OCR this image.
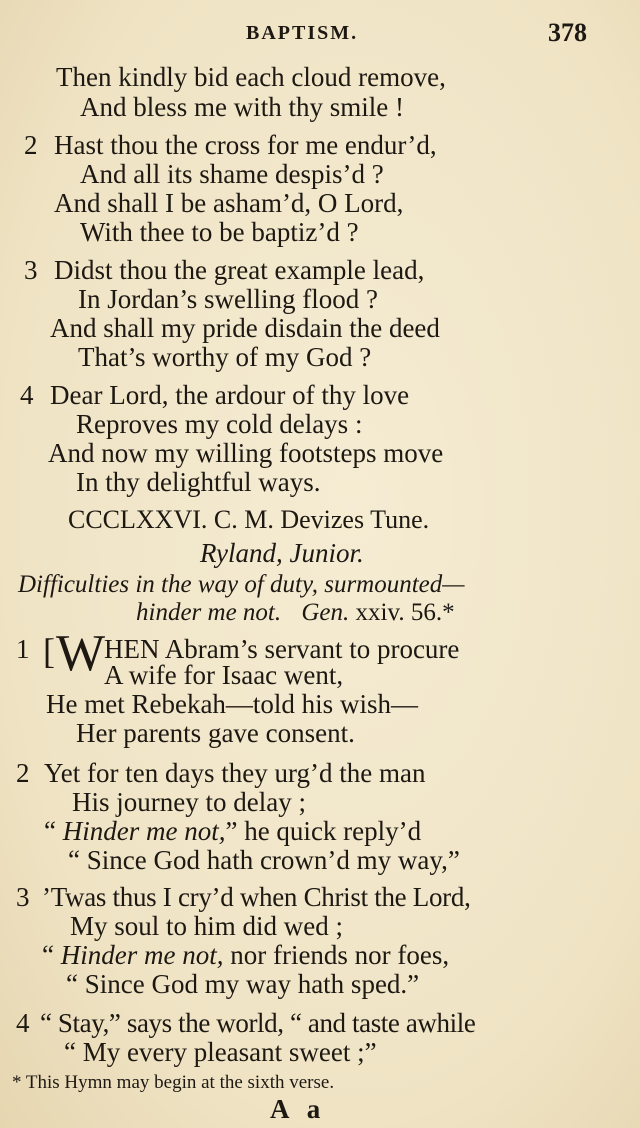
BAPTISM.	378
Then kindly bid each cloud remove,
And bless me with thy smile !
2 Hast thou the cross for me endur’d,
And all its shame despis’d ?
And shall I be asham’d, O Lord,
With thee to be baptiz’d ?
3 Didst thou the great example lead,
In Jordan’s swelling flood ?
And shall my pride disdain the deed
That’s worthy of my God ?
4 Dear Lord, the ardour of thy love
Reproves my cold delays :
And now my willing footsteps move
In thy delightful ways.
CCCLXXVI. C. M. Devizes Tune.
Ryland, Junior.
Difficulties in the way of duty, surmounted—
hinder me not. Gen. xxiv. 56.*
1 [ W
HEN Abram’s servant to procure
A wife for Isaac went,
He met Rebekah—told his wish—
Her parents gave consent.
2 Yet for ten days they urg’d the man
His journey to delay ;
“ Hinder me not,” he quick reply’d
“ Since God hath crown’d my way,”
3 ’Twas thus I cry’d when Christ the Lord,
My soul to him did wed ;
“ Hinder me not, nor friends nor foes,
“ Since God my way hath sped.”
4 “ Stay,” says the world, “ and taste awhile
“ My every pleasant sweet ;”
* This Hymn may begin at the sixth verse.
A a
